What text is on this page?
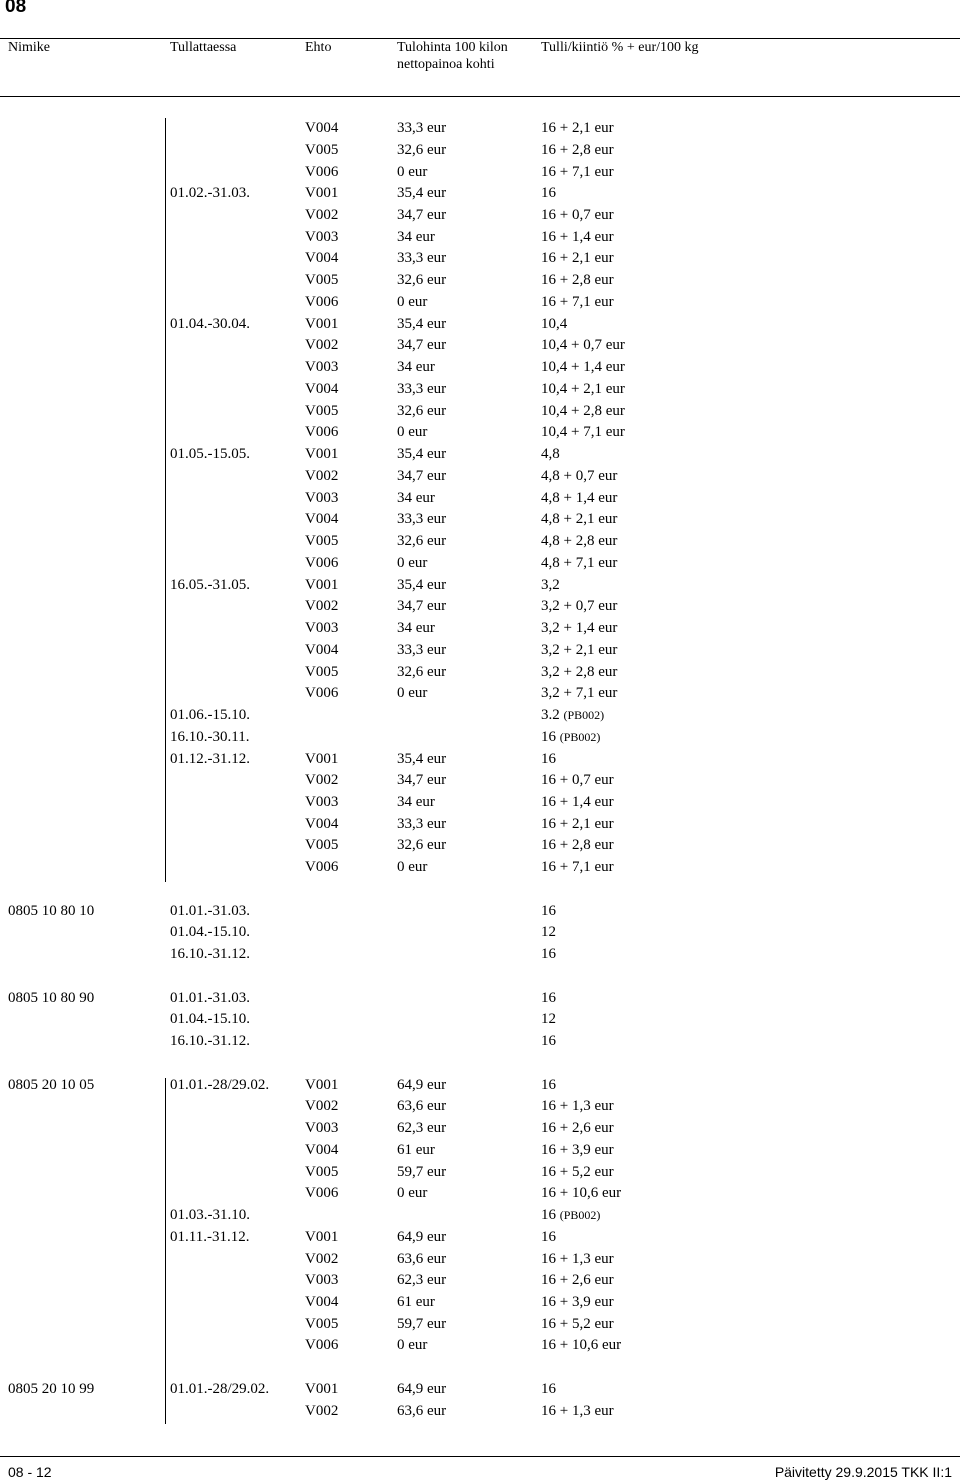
08
Nimike	Tullattaessa	Ehto	Tulohinta 100 kilon nettopainoa kohti
Tulli/kiintiö % + eur/100 kg
V004	33,3 eur	16 + 2,1 eur
V005	32,6 eur	16 + 2,8 eur
V006	0 eur	16 + 7,1 eur
01.02.-31.03.	V001	35,4 eur	16
V002	34,7 eur	16 + 0,7 eur
V003	34 eur	16 + 1,4 eur
V004	33,3 eur	16 + 2,1 eur
V005	32,6 eur	16 + 2,8 eur
V006	0 eur	16 + 7,1 eur
01.04.-30.04.	V001	35,4 eur	10,4
V002	34,7 eur	10,4 + 0,7 eur
V003	34 eur	10,4 + 1,4 eur
V004	33,3 eur	10,4 + 2,1 eur
V005	32,6 eur	10,4 + 2,8 eur
V006	0 eur	10,4 + 7,1 eur
01.05.-15.05.	V001	35,4 eur	4,8
V002	34,7 eur	4,8 + 0,7 eur
V003	34 eur	4,8 + 1,4 eur
V004	33,3 eur	4,8 + 2,1 eur
V005	32,6 eur	4,8 + 2,8 eur
V006	0 eur	4,8 + 7,1 eur
16.05.-31.05.	V001	35,4 eur	3,2
V002	34,7 eur	3,2 + 0,7 eur
V003	34 eur	3,2 + 1,4 eur
V004	33,3 eur	3,2 + 2,1 eur
V005	32,6 eur	3,2 + 2,8 eur
V006	0 eur	3,2 + 7,1 eur
01.06.-15.10.	3.2 (PB002)
16.10.-30.11.	16 (PB002)
01.12.-31.12.	V001	35,4 eur	16
V002	34,7 eur	16 + 0,7 eur
V003	34 eur	16 + 1,4 eur
V004	33,3 eur	16 + 2,1 eur
V005	32,6 eur	16 + 2,8 eur
V006	0 eur	16 + 7,1 eur
0805 10 80 10	01.01.-31.03.	16
01.04.-15.10.	12
16.10.-31.12.	16
0805 10 80 90	01.01.-31.03.	16
01.04.-15.10.	12
16.10.-31.12.	16
0805 20 10 05	01.01.-28/29.02. V001	64,9 eur	16
V002	63,6 eur	16 + 1,3 eur
V003	62,3 eur	16 + 2,6 eur
V004	61 eur	16 + 3,9 eur
V005	59,7 eur	16 + 5,2 eur
V006	0 eur	16 + 10,6 eur
01.03.-31.10.	16 (PB002)
01.11.-31.12.	V001	64,9 eur	16
V002	63,6 eur	16 + 1,3 eur
V003	62,3 eur	16 + 2,6 eur
V004	61 eur	16 + 3,9 eur
V005	59,7 eur	16 + 5,2 eur
V006	0 eur	16 + 10,6 eur
0805 20 10 99	01.01.-28/29.02. V001	64,9 eur	16
V002	63,6 eur	16 + 1,3 eur
08 - 12	Päivitetty 29.9.2015 TKK II:1
